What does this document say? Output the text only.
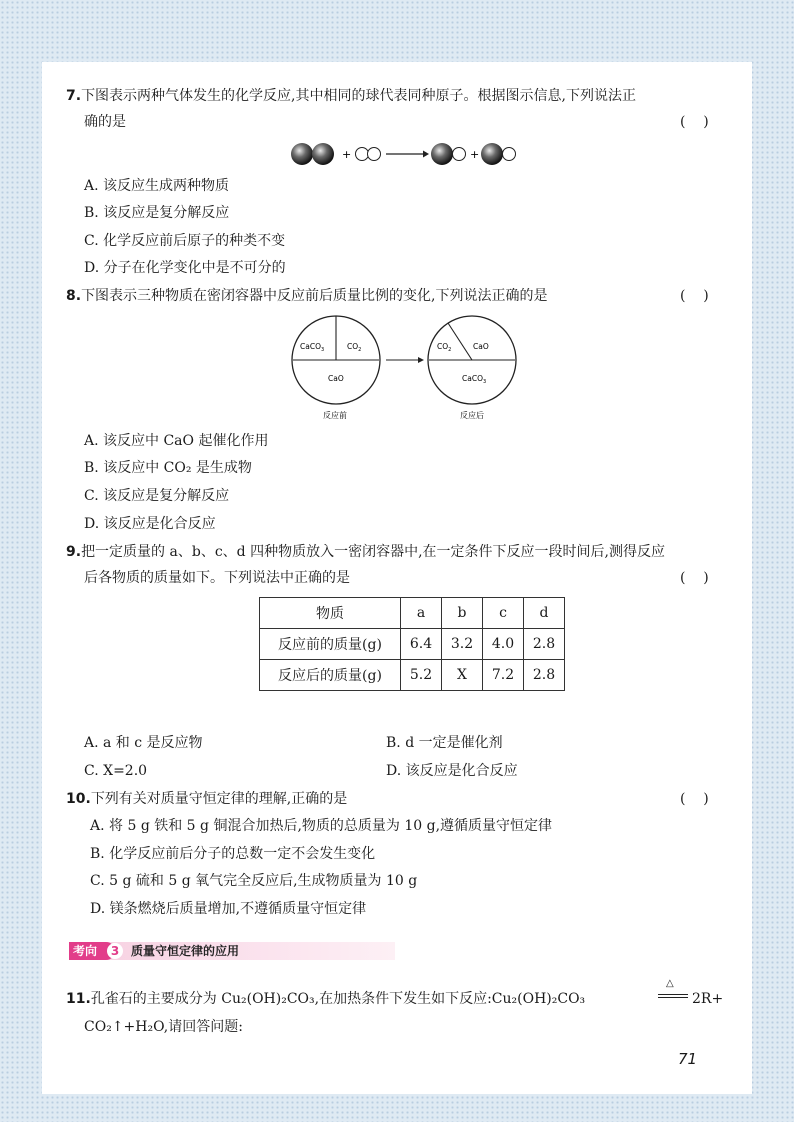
7.下图表示两种气体发生的化学反应,其中相同的球代表同种原子。根据图示信息,下列说法正
确的是	(    )
+	+
A. 该反应生成两种物质
B. 该反应是复分解反应
C. 化学反应前后原子的种类不变
D. 分子在化学变化中是不可分的
8.下图表示三种物质在密闭容器中反应前后质量比例的变化,下列说法正确的是	(    )
CaCO$_3$	$CO_2$
CaO
反应前
$CO_2$	CaO
CaCO$_3$
反应后
A. 该反应中 CaO 起催化作用
B. 该反应中 CO₂ 是生成物
C. 该反应是复分解反应
D. 该反应是化合反应
9.把一定质量的 a、b、c、d 四种物质放入一密闭容器中,在一定条件下反应一段时间后,测得反应
后各物质的质量如下。下列说法中正确的是	(    )
物质	a	b	c	d
反应前的质量(g)	6.4	3.2	4.0	2.8
反应后的质量(g)	5.2	X	7.2	2.8
A. a 和 c 是反应物	B. d 一定是催化剂
C. X=2.0	D. 该反应是化合反应
10.下列有关对质量守恒定律的理解,正确的是	(    )
A. 将 5 g 铁和 5 g 铜混合加热后,物质的总质量为 10 g,遵循质量守恒定律
B. 化学反应前后分子的总数一定不会发生变化
C. 5 g 硫和 5 g 氧气完全反应后,生成物质量为 10 g
D. 镁条燃烧后质量增加,不遵循质量守恒定律
考向	3 质量守恒定律的应用
11.孔雀石的主要成分为 Cu₂(OH)₂CO₃,在加热条件下发生如下反应:Cu₂(OH)₂CO₃
△
2R+
CO₂↑+H₂O,请回答问题:
71
